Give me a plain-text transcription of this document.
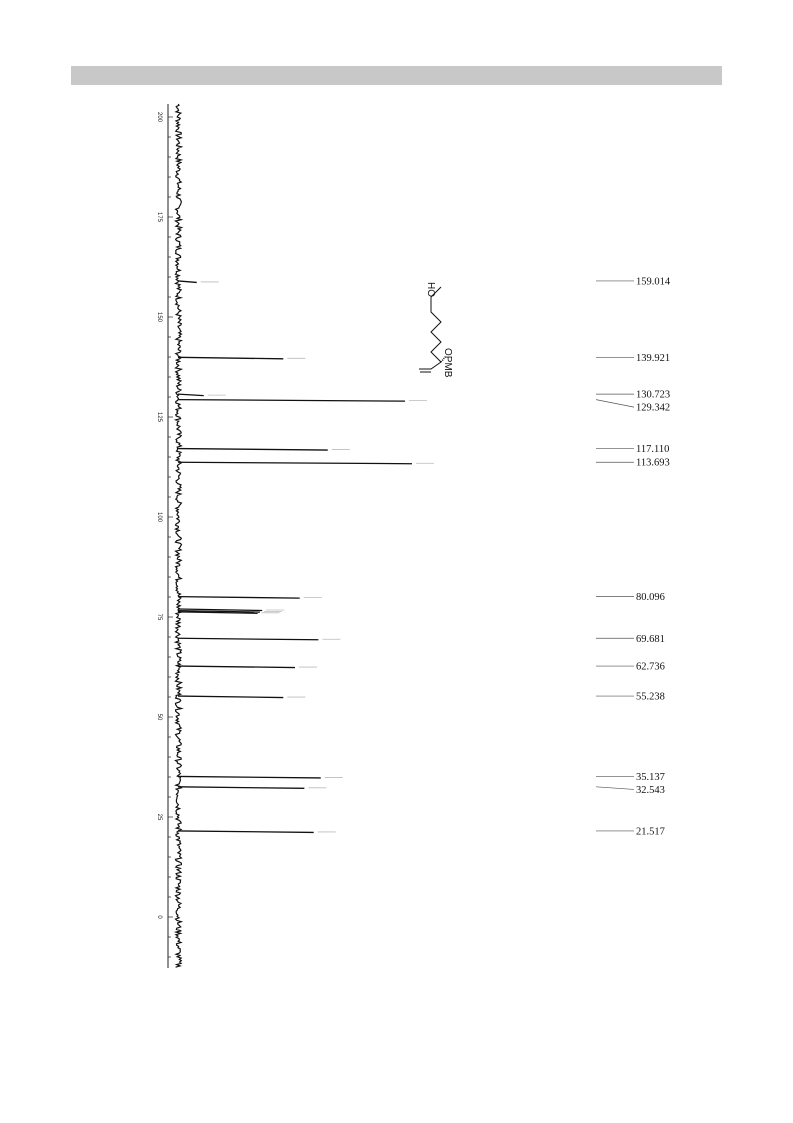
200
175
150
125
100
75
50
25
0
159.014
139.921
130.723
129.342
117.110
113.693
80.096
69.681
62.736
55.238
35.137
32.543
21.517
HO
OPMB
